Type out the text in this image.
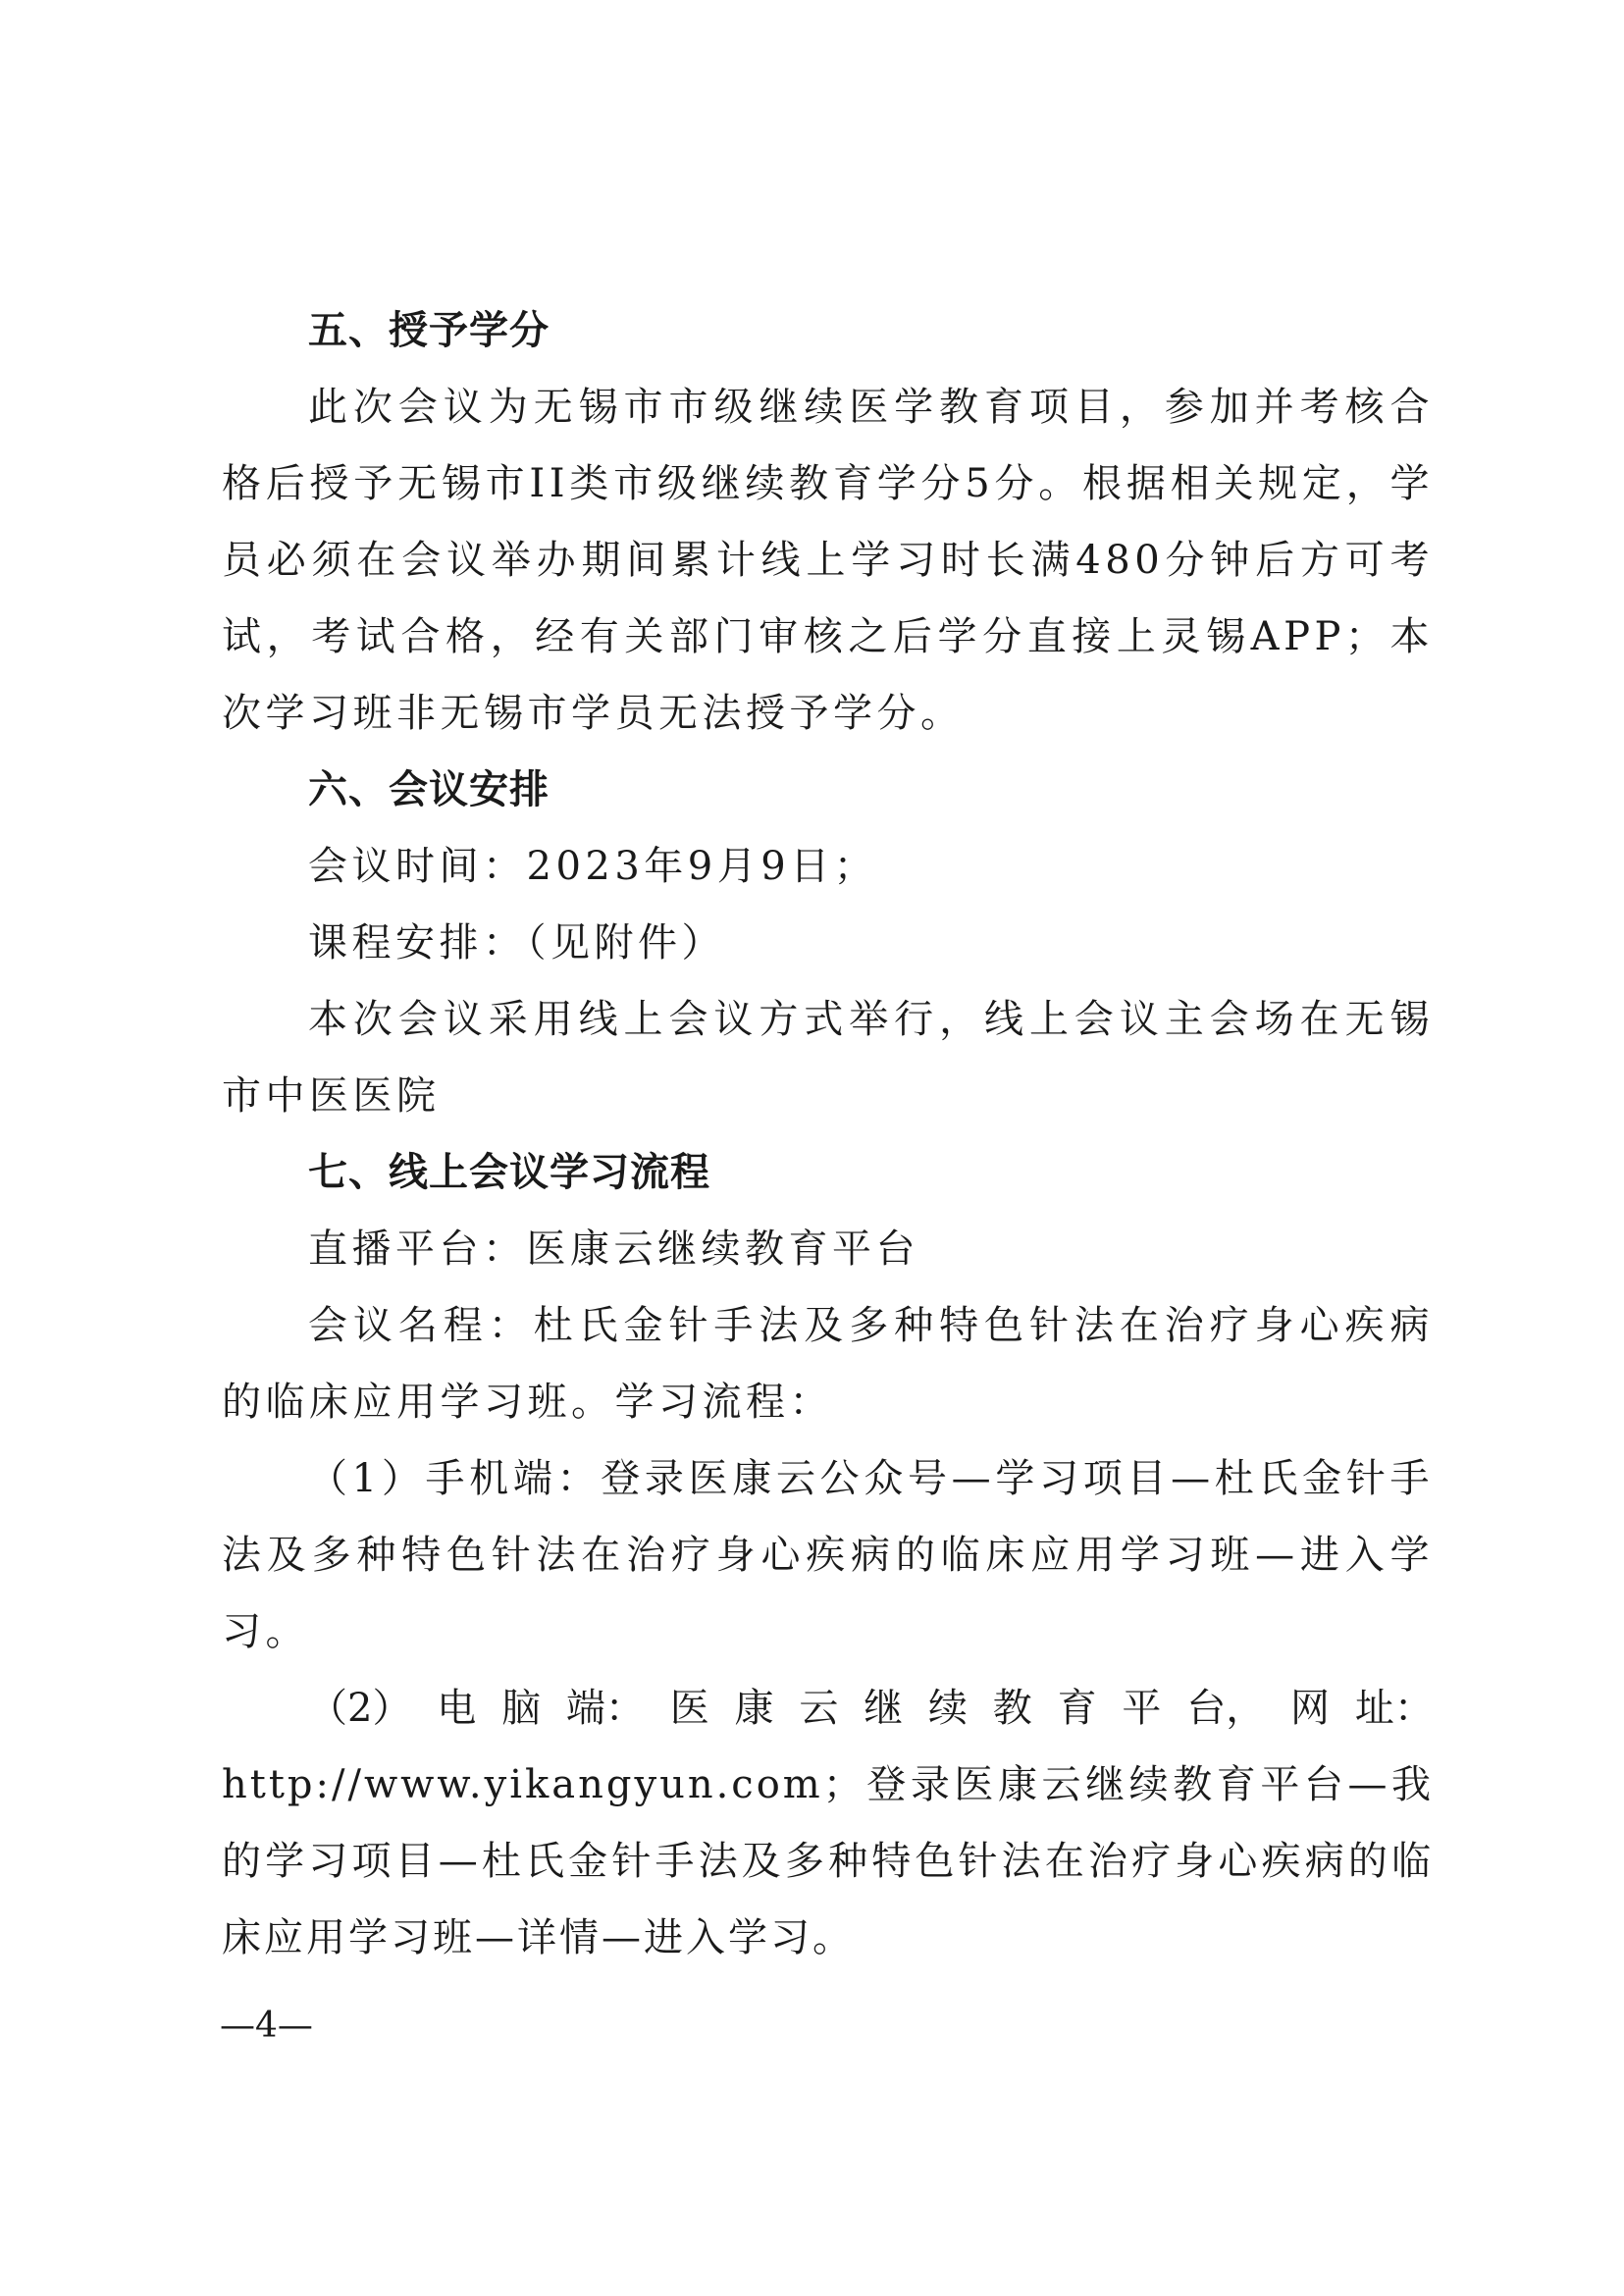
五、授予学分

此次会议为无锡市市级继续医学教育项目，参加并考核合格后授予无锡市II类市级继续教育学分5分。根据相关规定，学员必须在会议举办期间累计线上学习时长满480分钟后方可考试，考试合格，经有关部门审核之后学分直接上灵锡APP；本次学习班非无锡市学员无法授予学分。

六、会议安排

会议时间：2023年9月9日；

课程安排：（见附件）

本次会议采用线上会议方式举行，线上会议主会场在无锡市中医医院

七、线上会议学习流程

直播平台：医康云继续教育平台

会议名程：杜氏金针手法及多种特色针法在治疗身心疾病的临床应用学习班。学习流程：

（1）手机端：登录医康云公众号—学习项目—杜氏金针手法及多种特色针法在治疗身心疾病的临床应用学习班—进入学习。

（2） 电 脑 端： 医 康 云 继 续 教 育 平 台， 网 址：

http://www.yikangyun.com；登录医康云继续教育平台—我的学习项目—杜氏金针手法及多种特色针法在治疗身心疾病的临床应用学习班—详情—进入学习。

—4—
